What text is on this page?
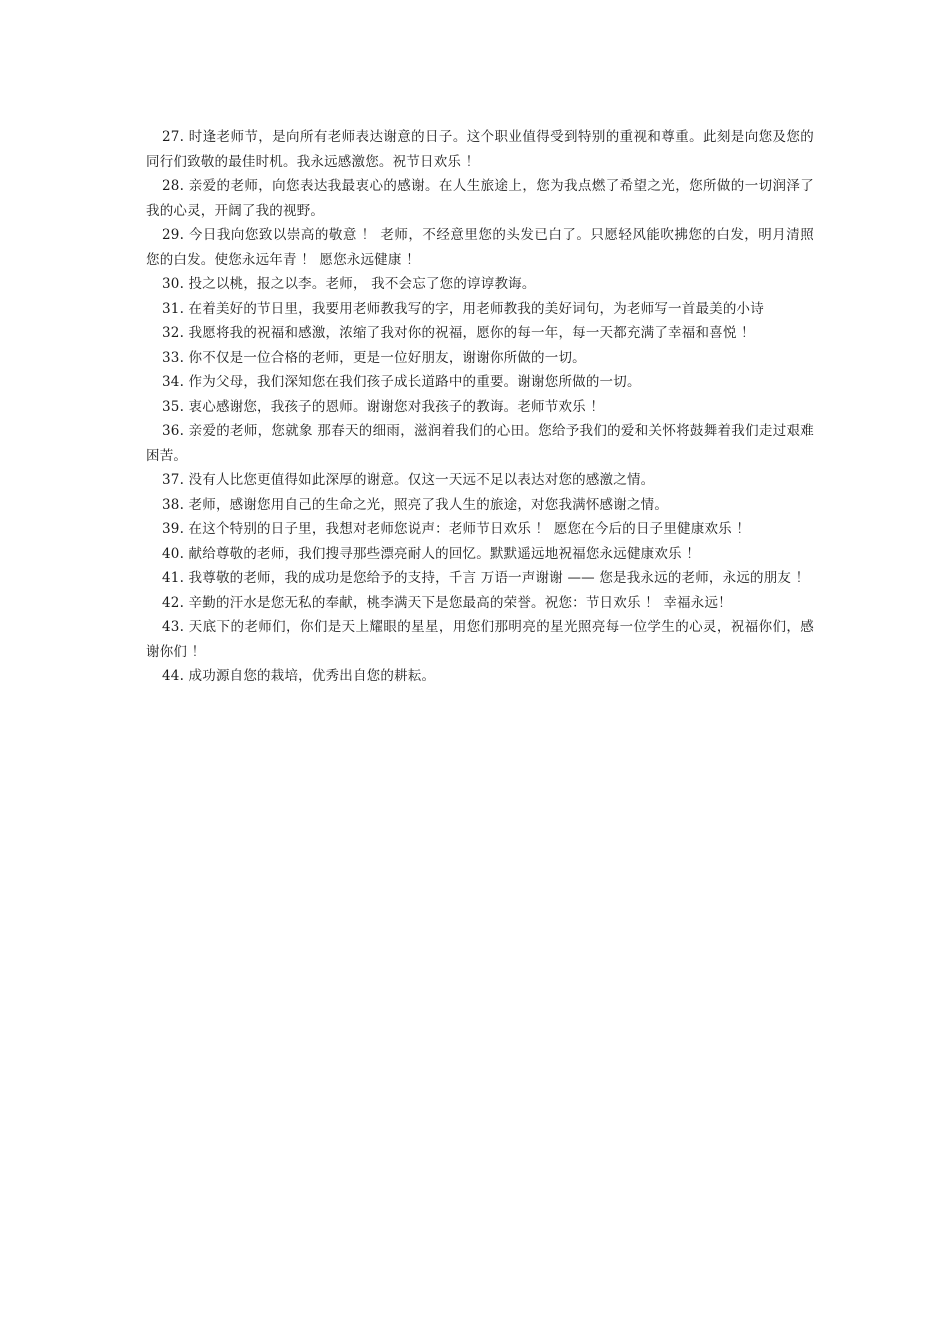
27. 时逢老师节，是向所有老师表达谢意的日子。这个职业值得受到特别的重视和尊重。此刻是向您及您的同行们致敬的最佳时机。我永远感激您。祝节日欢乐 ！

28. 亲爱的老师，向您表达我最衷心的感谢。在人生旅途上，您为我点燃了希望之光，您所做的一切润泽了我的心灵，开阔了我的视野。

29. 今日我向您致以崇高的敬意 ！ 老师，不经意里您的头发已白了。只愿轻风能吹拂您的白发，明月清照您的白发。使您永远年青 ！ 愿您永远健康 ！

30. 投之以桃，报之以李。老师， 我不会忘了您的谆谆教诲。

31. 在着美好的节日里，我要用老师教我写的字，用老师教我的美好词句，为老师写一首最美的小诗

32. 我愿将我的祝福和感激，浓缩了我对你的祝福，愿你的每一年，每一天都充满了幸福和喜悦 ！

33. 你不仅是一位合格的老师，更是一位好朋友，谢谢你所做的一切。

34. 作为父母，我们深知您在我们孩子成长道路中的重要。谢谢您所做的一切。

35. 衷心感谢您，我孩子的恩师。谢谢您对我孩子的教诲。老师节欢乐 ！

36. 亲爱的老师，您就象 那春天的细雨，滋润着我们的心田。您给予我们的爱和关怀将鼓舞着我们走过艰难困苦。

37. 没有人比您更值得如此深厚的谢意。仅这一天远不足以表达对您的感激之情。

38. 老师，感谢您用自己的生命之光，照亮了我人生的旅途，对您我满怀感谢之情。

39. 在这个特别的日子里，我想对老师您说声：老师节日欢乐 ！ 愿您在今后的日子里健康欢乐 ！

40. 献给尊敬的老师，我们搜寻那些漂亮耐人的回忆。默默遥远地祝福您永远健康欢乐 ！

41. 我尊敬的老师，我的成功是您给予的支持，千言 万语一声谢谢 —— 您是我永远的老师，永远的朋友 ！

42. 辛勤的汗水是您无私的奉献，桃李满天下是您最高的荣誉。祝您：节日欢乐 ！ 幸福永远！

43. 天底下的老师们，你们是天上耀眼的星星，用您们那明亮的星光照亮每一位学生的心灵，祝福你们，感谢你们 ！

44. 成功源自您的栽培，优秀出自您的耕耘。
